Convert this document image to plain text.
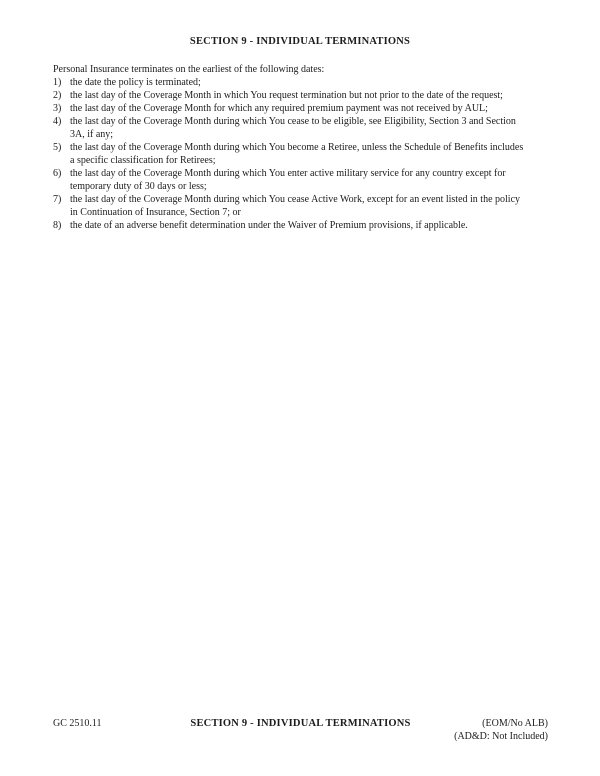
SECTION 9 - INDIVIDUAL TERMINATIONS

Personal Insurance terminates on the earliest of the following dates:

1) the date the policy is terminated;
2) the last day of the Coverage Month in which You request termination but not prior to the date of the request;
3) the last day of the Coverage Month for which any required premium payment was not received by AUL;
4) the last day of the Coverage Month during which You cease to be eligible, see Eligibility, Section 3 and Section
3A, if any;
5) the last day of the Coverage Month during which You become a Retiree, unless the Schedule of Benefits includes
a specific classification for Retirees;
6) the last day of the Coverage Month during which You enter active military service for any country except for
temporary duty of 30 days or less;
7) the last day of the Coverage Month during which You cease Active Work, except for an event listed in the policy
in Continuation of Insurance, Section 7; or
8) the date of an adverse benefit determination under the Waiver of Premium provisions, if applicable.
GC 2510.11	SECTION 9 - INDIVIDUAL TERMINATIONS	(EOM/No ALB)
(AD&D: Not Included)
